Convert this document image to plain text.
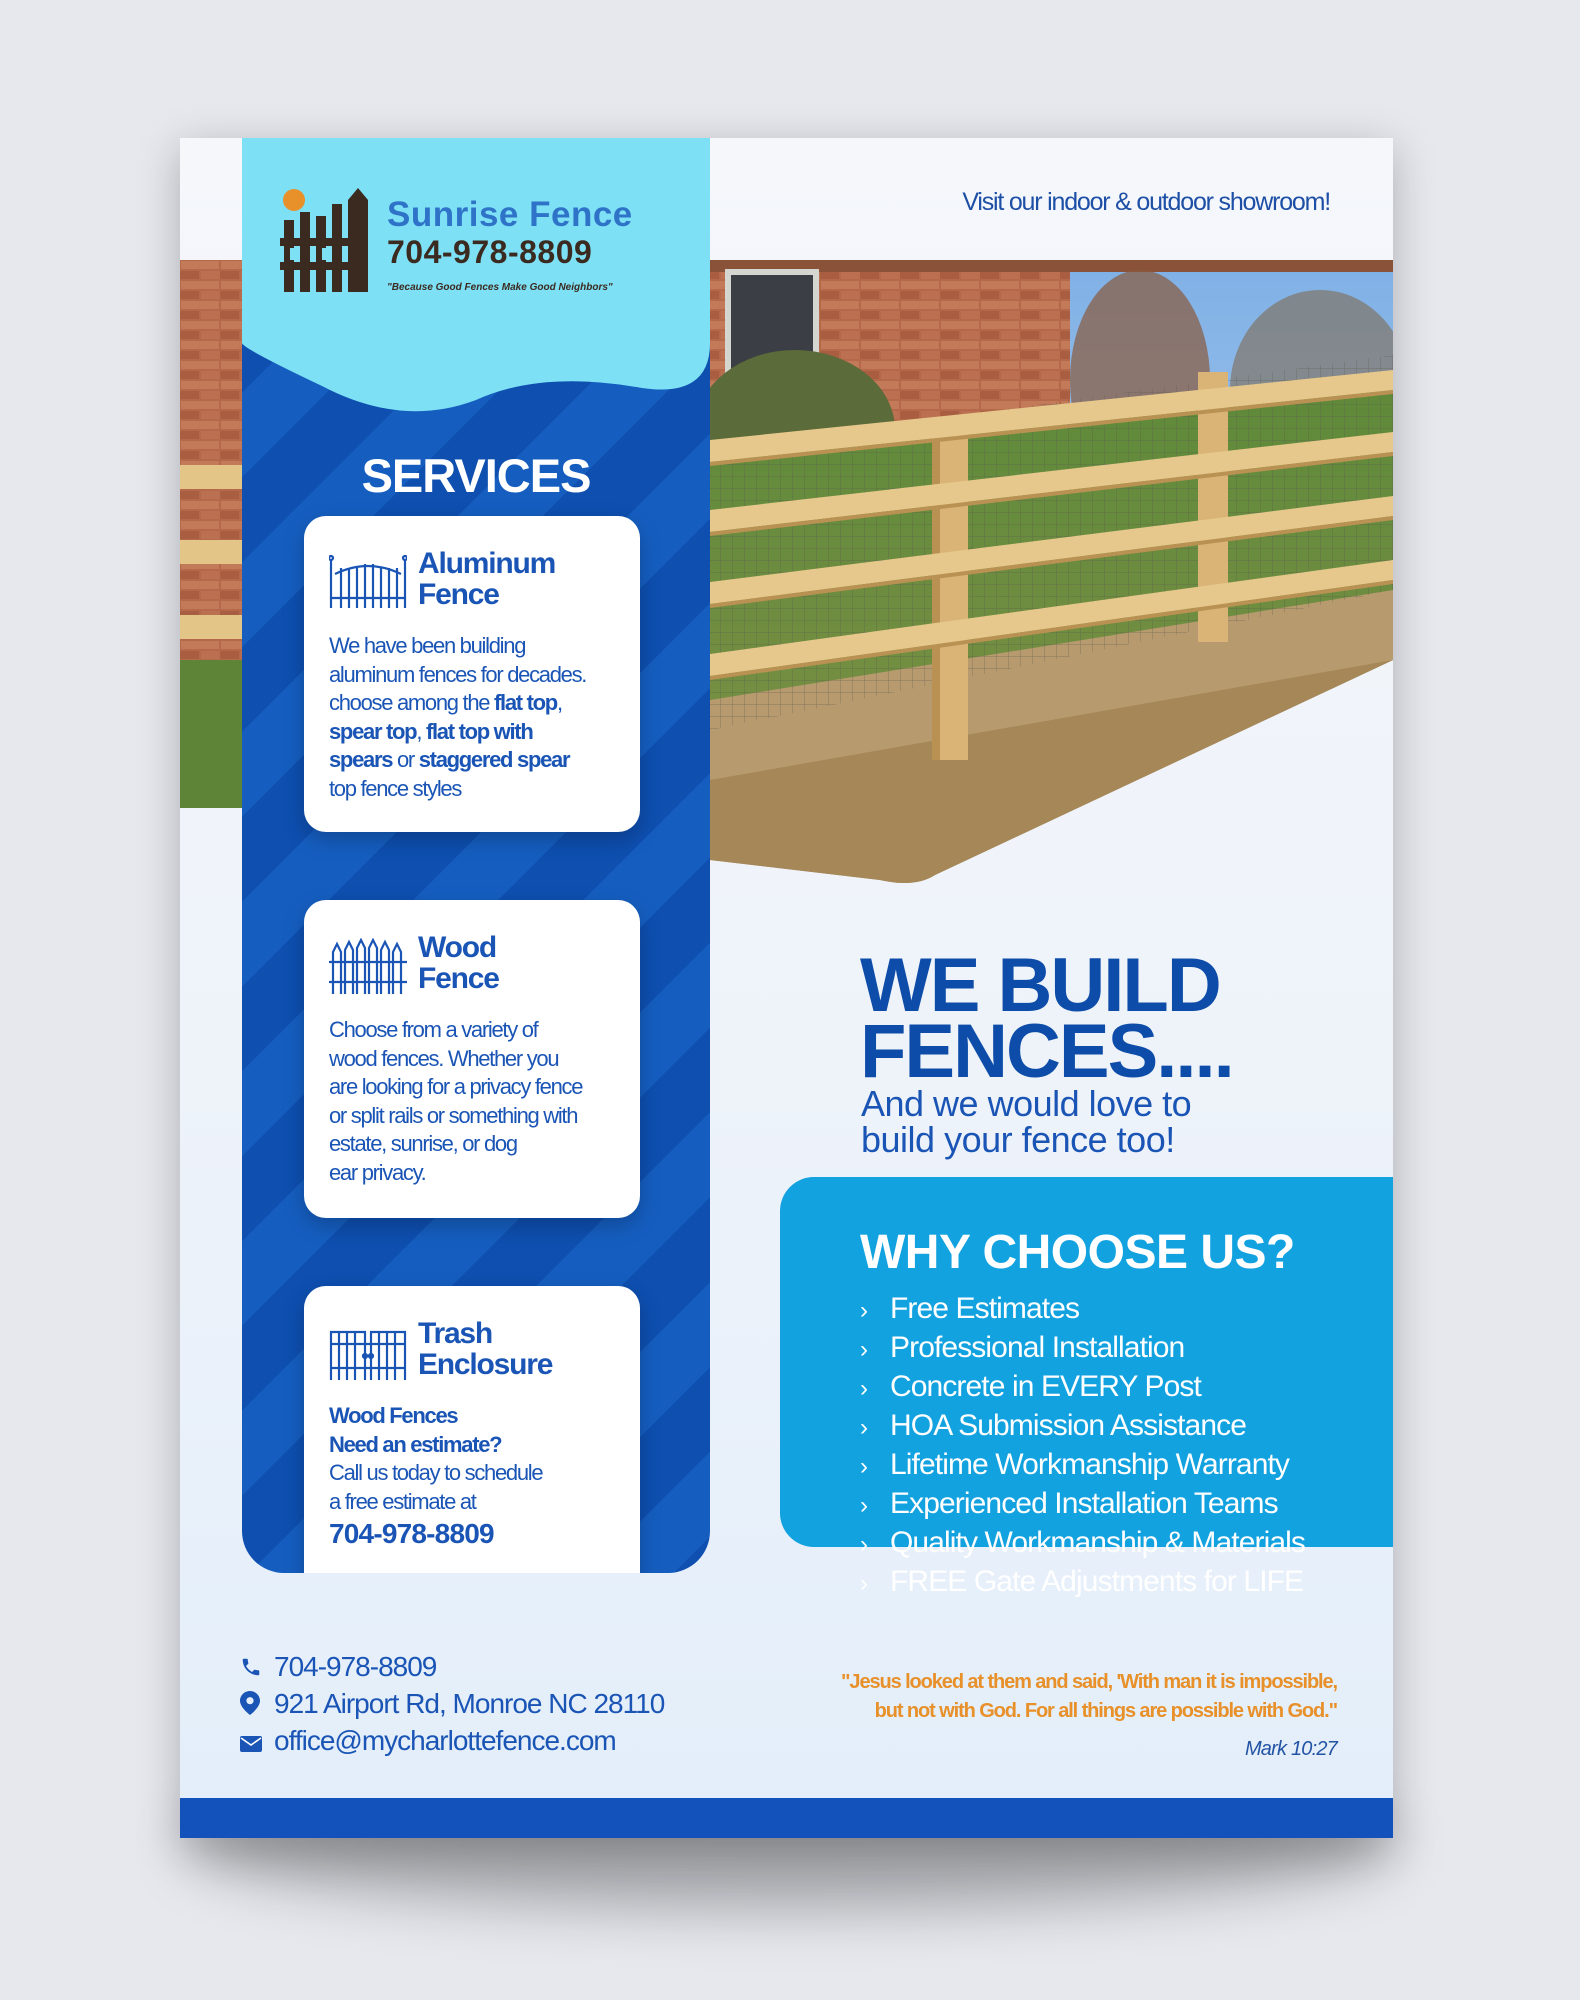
Visit our indoor & outdoor showroom!
Sunrise Fence
704-978-8809
"Because Good Fences Make Good Neighbors"
SERVICES
Aluminum
Fence
We have been building
aluminum fences for decades.
choose among the flat top,
spear top, flat top with
spears or staggered spear
top fence styles
Wood
Fence
Choose from a variety of
wood fences. Whether you
are looking for a privacy fence
or split rails or something with
estate, sunrise, or dog
ear privacy.
Trash
Enclosure
Wood Fences
Need an estimate?
Call us today to schedule
a free estimate at
704-978-8809
WE BUILD
FENCES....
And we would love to
build your fence too!
WHY CHOOSE US?
› Free Estimates
› Professional Installation
› Concrete in EVERY Post
› HOA Submission Assistance
› Lifetime Workmanship Warranty
› Experienced Installation Teams
› Quality Workmanship & Materials
› FREE Gate Adjustments for LIFE
704-978-8809
921 Airport Rd, Monroe NC 28110
office@mycharlottefence.com
"Jesus looked at them and said, 'With man it is impossible,
but not with God. For all things are possible with God."
Mark 10:27
